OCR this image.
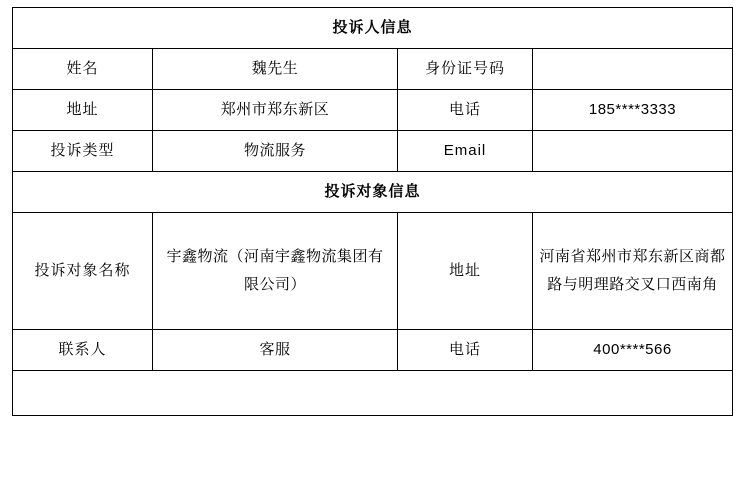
投诉人信息			
姓名	魏先生	身份证号码	
地址	郑州市郑东新区	电话	185****3333
投诉类型	物流服务	Email	
投诉对象信息			
投诉对象名称	宇鑫物流（河南宇鑫物流集团有限公司）	地址	河南省郑州市郑东新区商都路与明理路交叉口西南角
联系人	客服	电话	400****566
